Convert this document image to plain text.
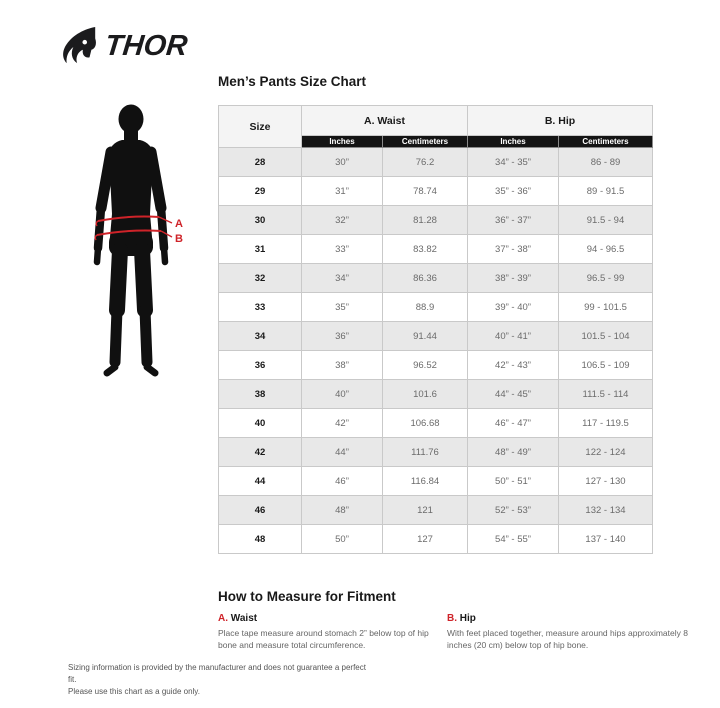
THOR
Men’s Pants Size Chart
A
B
Size	A. Waist		B. Hip	
	Inches	Centimeters	Inches	Centimeters
28	30”	76.2	34” - 35”	86 - 89
29	31”	78.74	35” - 36”	89 - 91.5
30	32”	81.28	36” - 37”	91.5 - 94
31	33”	83.82	37” - 38”	94 - 96.5
32	34”	86.36	38” - 39”	96.5 - 99
33	35”	88.9	39” - 40”	99 - 101.5
34	36”	91.44	40” - 41”	101.5 - 104
36	38”	96.52	42” - 43”	106.5 - 109
38	40”	101.6	44” - 45”	111.5 - 114
40	42”	106.68	46” - 47”	117 - 119.5
42	44”	111.76	48” - 49”	122 - 124
44	46”	116.84	50” - 51”	127 - 130
46	48”	121	52” - 53”	132 - 134
48	50”	127	54” - 55”	137 - 140
How to Measure for Fitment
A. Waist
Place tape measure around stomach 2” below top of hip bone and measure total circumference.
B. Hip
With feet placed together, measure around hips approximately 8 inches (20 cm) below top of hip bone.
Sizing information is provided by the manufacturer and does not guarantee a perfect fit.
Please use this chart as a guide only.
